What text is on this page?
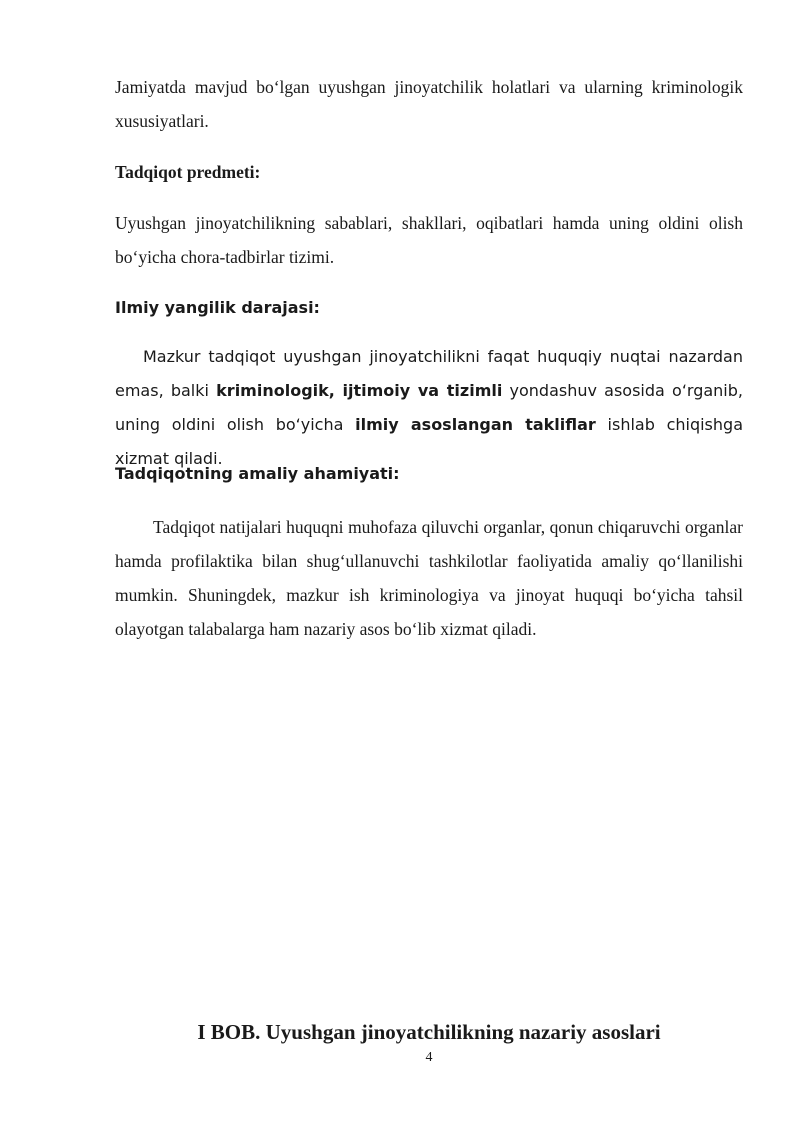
Jamiyatda mavjud bo‘lgan uyushgan jinoyatchilik holatlari va ularning kriminologik xususiyatlari.

Tadqiqot predmeti:

Uyushgan jinoyatchilikning sabablari, shakllari, oqibatlari hamda uning oldini olish bo‘yicha chora-tadbirlar tizimi.

Ilmiy yangilik darajasi:

Mazkur tadqiqot uyushgan jinoyatchilikni faqat huquqiy nuqtai nazardan emas, balki kriminologik, ijtimoiy va tizimli yondashuv asosida o‘rganib, uning oldini olish bo‘yicha ilmiy asoslangan takliflar ishlab chiqishga xizmat qiladi.

Tadqiqotning amaliy ahamiyati:

Tadqiqot natijalari huquqni muhofaza qiluvchi organlar, qonun chiqaruvchi organlar hamda profilaktika bilan shug‘ullanuvchi tashkilotlar faoliyatida amaliy qo‘llanilishi mumkin. Shuningdek, mazkur ish kriminologiya va jinoyat huquqi bo‘yicha tahsil olayotgan talabalarga ham nazariy asos bo‘lib xizmat qiladi.

I BOB. Uyushgan jinoyatchilikning nazariy asoslari

4
